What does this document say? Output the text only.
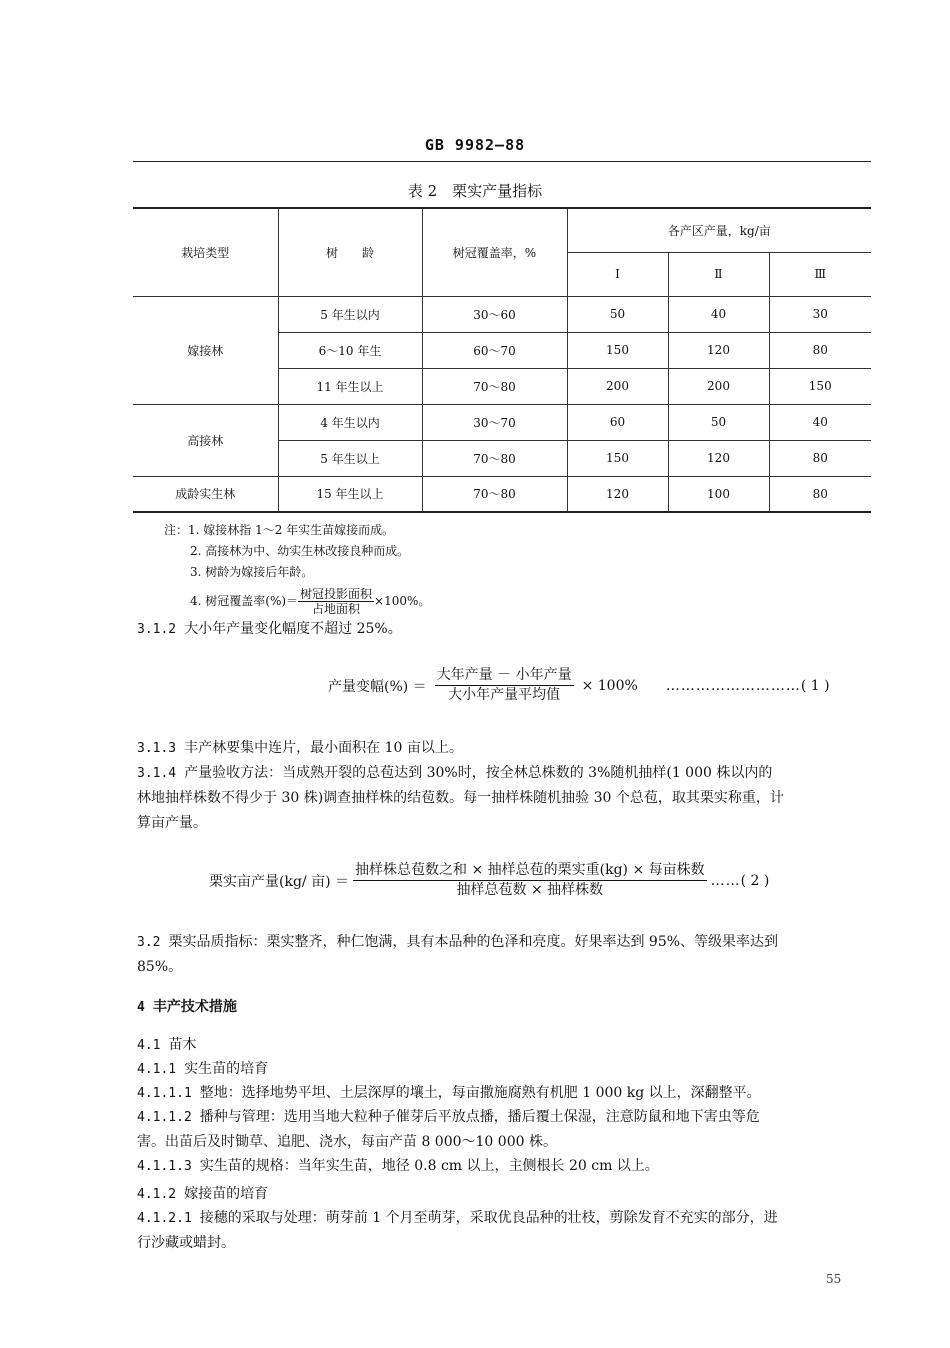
GB 9982—88
表 2　栗实产量指标
栽培类型	树　　龄	树冠覆盖率，%	各产区产量，kg/亩		
			Ⅰ	Ⅱ	Ⅲ
嫁接林	5 年生以内	30～60	50	40	30
	6～10 年生	60～70	150	120	80
	11 年生以上	70～80	200	200	150
高接林	4 年生以内	30～70	60	50	40
	5 年生以上	70～80	150	120	80
成龄实生林	15 年生以上	70～80	120	100	80
注：1. 嫁接林指 1～2 年实生苗嫁接而成。
2. 高接林为中、幼实生林改接良种而成。
3. 树龄为嫁接后年龄。
4. 树冠覆盖率(%)＝ $\frac{\text{树冠投影面积}}{\text{占地面积}} \times 100\%$。
3.1.2 大小年产量变化幅度不超过 25%。
产量变幅(%) ＝ $\frac{\text{大年产量 － 小年产量}}{\text{大小年产量平均值}} \times 100\%$ ……………………… ( 1 )
3.1.3 丰产林要集中连片，最小面积在 10 亩以上。
3.1.4 产量验收方法：当成熟开裂的总苞达到 30%时，按全林总株数的 3%随机抽样(1 000 株以内的
林地抽样株数不得少于 30 株)调查抽样株的结苞数。每一抽样株随机抽验 30 个总苞，取其栗实称重，计
算亩产量。
栗实亩产量(kg/ 亩) ＝ $\frac{\text{抽样株总苞数之和 × 抽样总苞的栗实重(kg) × 每亩株数}}{\text{抽样总苞数 × 抽样株数}}$ …… ( 2 )
3.2 栗实品质指标：栗实整齐，种仁饱满，具有本品种的色泽和亮度。好果率达到 95%、等级果率达到
85%。
4 丰产技术措施
4.1 苗木
4.1.1 实生苗的培育
4.1.1.1 整地：选择地势平坦、土层深厚的壤土，每亩撒施腐熟有机肥 1 000 kg 以上，深翻整平。
4.1.1.2 播种与管理：选用当地大粒种子催芽后平放点播，播后覆土保湿，注意防鼠和地下害虫等危
害。出苗后及时锄草、追肥、浇水，每亩产苗 8 000～10 000 株。
4.1.1.3 实生苗的规格：当年实生苗，地径 0.8 cm 以上，主侧根长 20 cm 以上。
4.1.2 嫁接苗的培育
4.1.2.1 接穗的采取与处理：萌芽前 1 个月至萌芽，采取优良品种的壮枝，剪除发育不充实的部分，进
行沙藏或蜡封。
55
